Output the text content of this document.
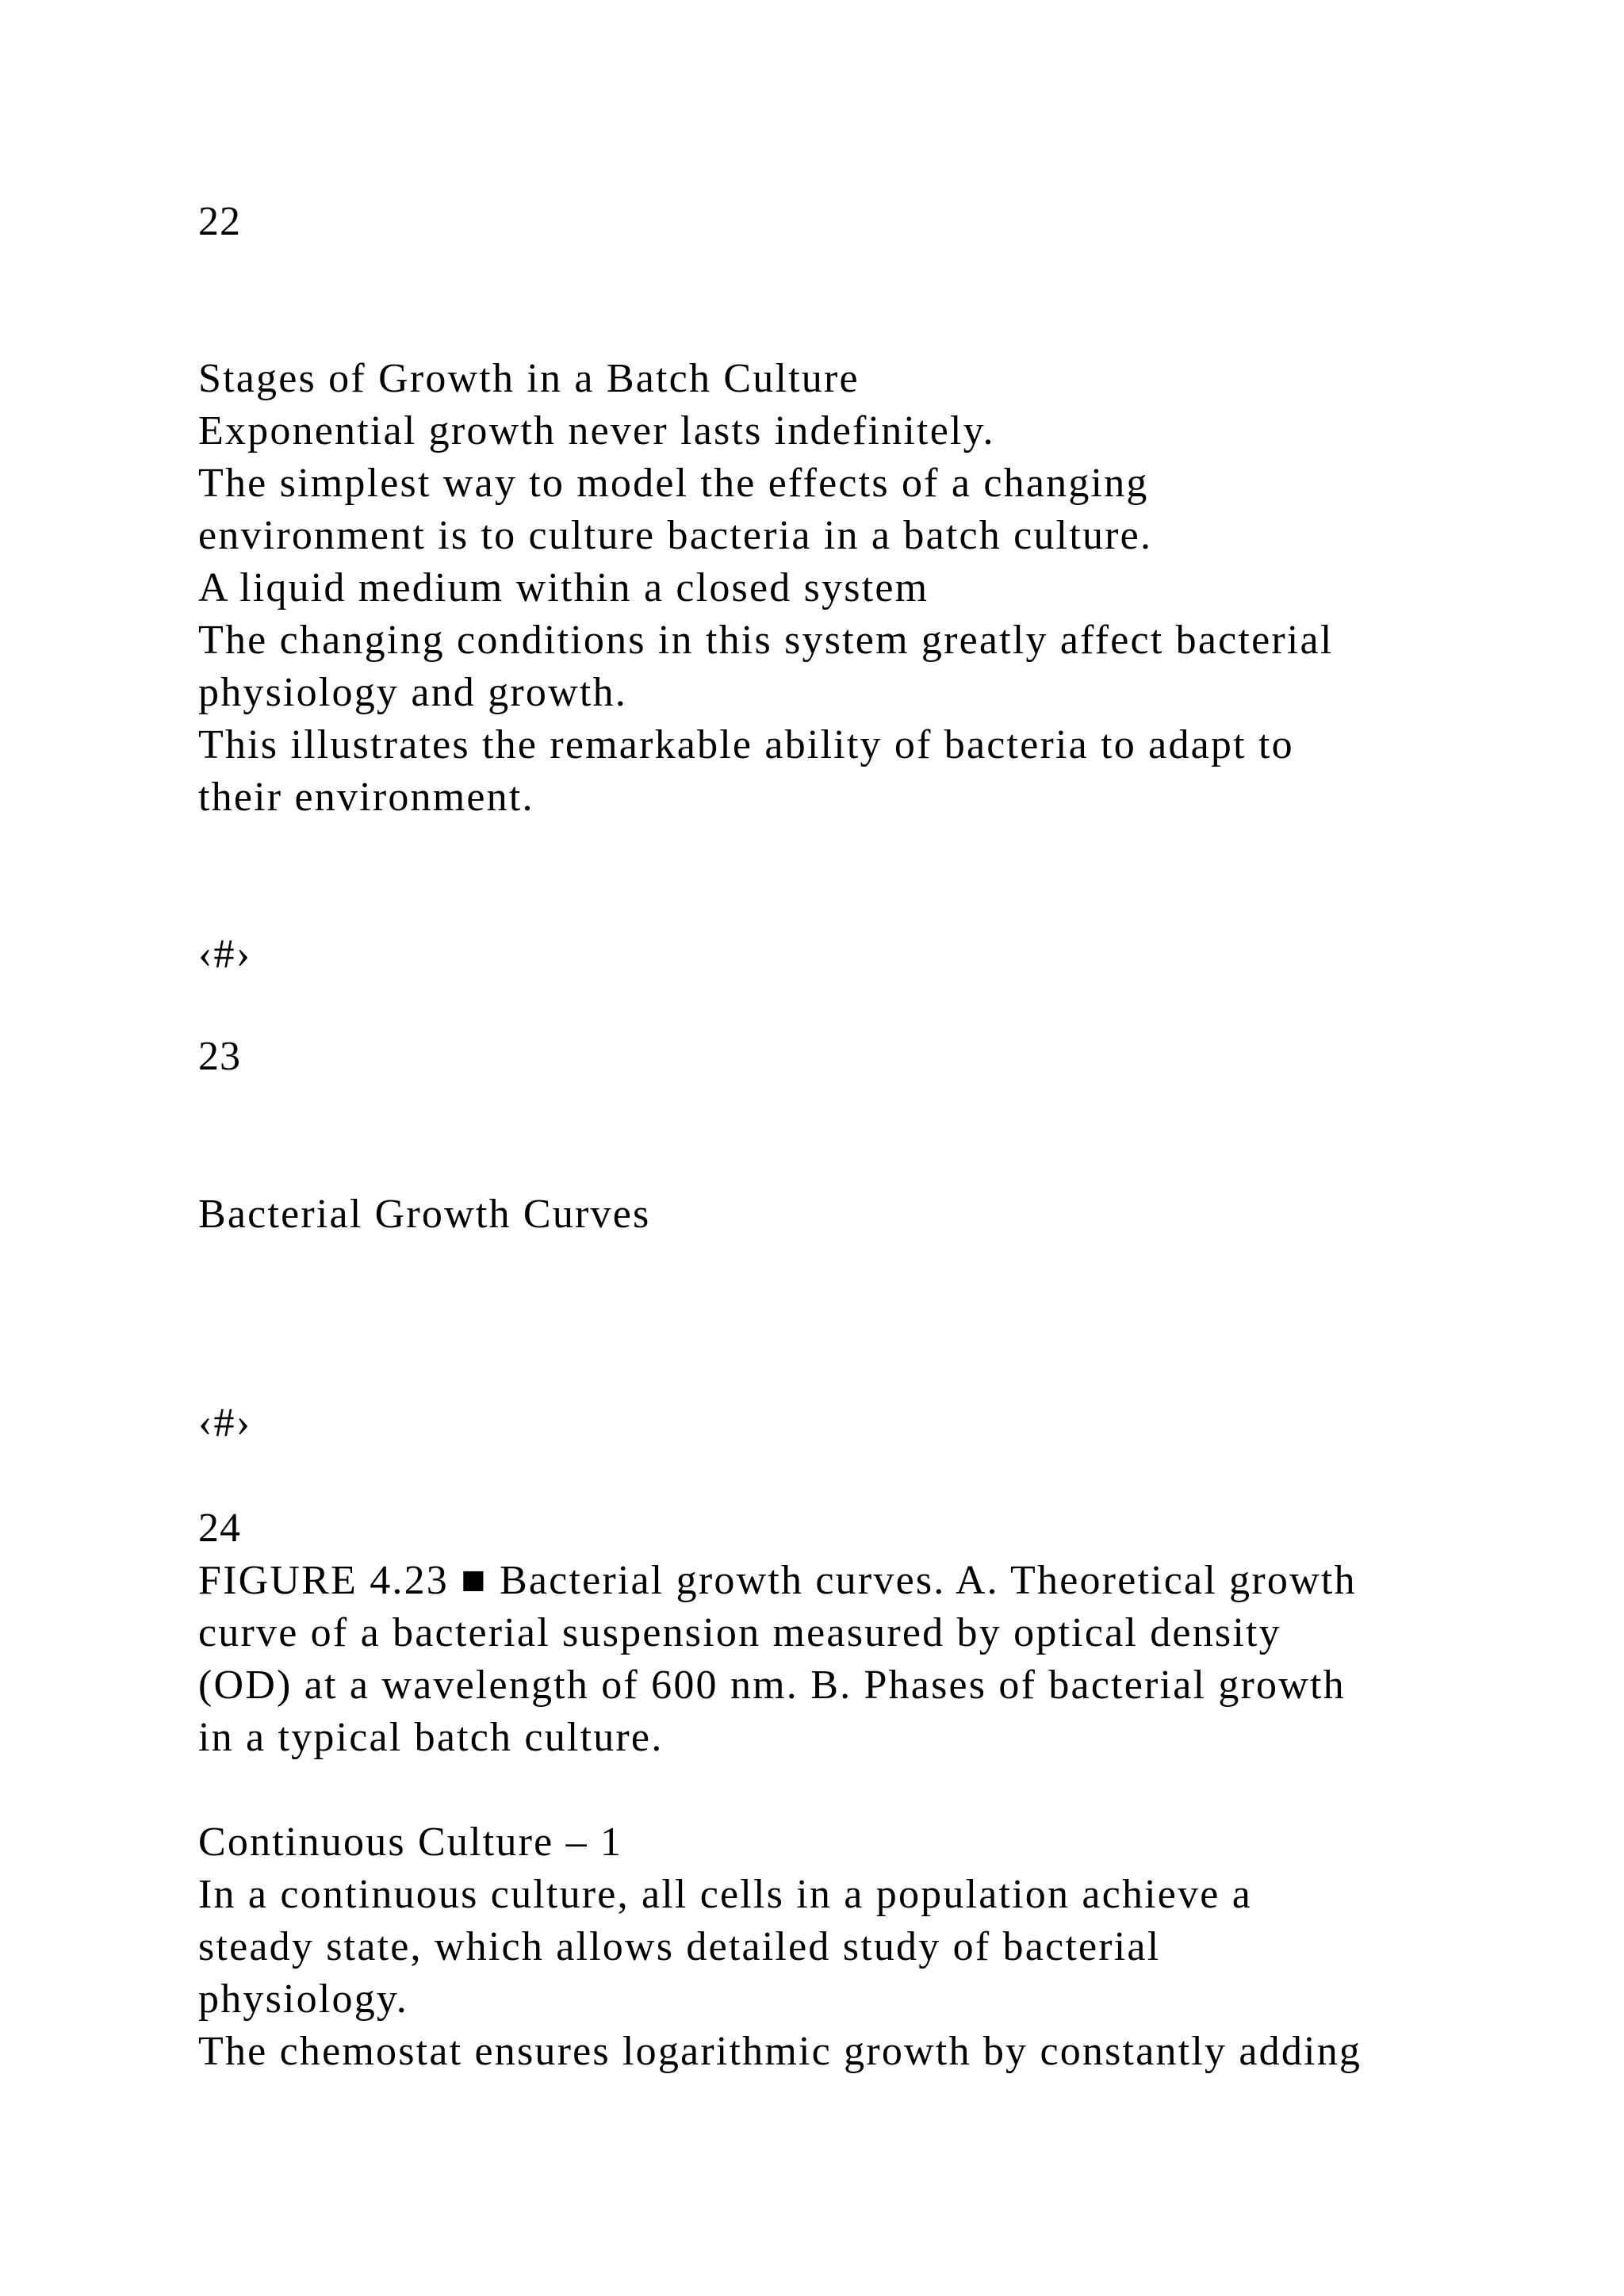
22
Stages of Growth in a Batch Culture
Exponential growth never lasts indefinitely.
The simplest way to model the effects of a changing
environment is to culture bacteria in a batch culture.
A liquid medium within a closed system
The changing conditions in this system greatly affect bacterial
physiology and growth.
This illustrates the remarkable ability of bacteria to adapt to
their environment.
‹#›
23
Bacterial Growth Curves
‹#›
24
FIGURE 4.23 ■ Bacterial growth curves. A. Theoretical growth
curve of a bacterial suspension measured by optical density
(OD) at a wavelength of 600 nm. B. Phases of bacterial growth
in a typical batch culture.
Continuous Culture – 1
In a continuous culture, all cells in a population achieve a
steady state, which allows detailed study of bacterial
physiology.
The chemostat ensures logarithmic growth by constantly adding
